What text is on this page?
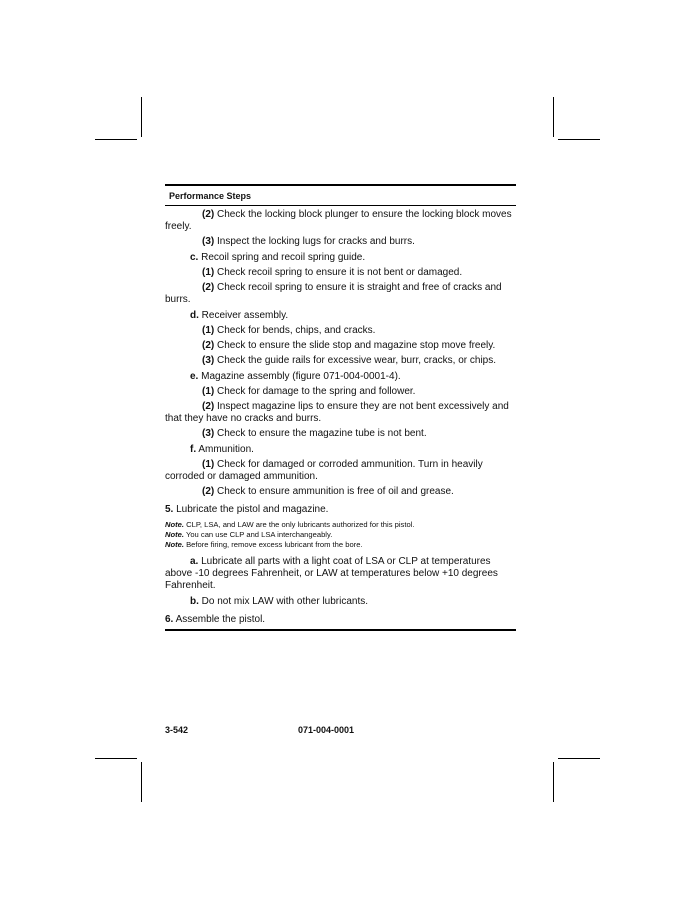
Performance Steps

(2) Check the locking block plunger to ensure the locking block moves freely.

(3) Inspect the locking lugs for cracks and burrs.

c. Recoil spring and recoil spring guide.

(1) Check recoil spring to ensure it is not bent or damaged.

(2) Check recoil spring to ensure it is straight and free of cracks and burrs.

d. Receiver assembly.

(1) Check for bends, chips, and cracks.

(2) Check to ensure the slide stop and magazine stop move freely.

(3) Check the guide rails for excessive wear, burr, cracks, or chips.

e. Magazine assembly (figure 071-004-0001-4).

(1) Check for damage to the spring and follower.

(2) Inspect magazine lips to ensure they are not bent excessively and that they have no cracks and burrs.

(3) Check to ensure the magazine tube is not bent.

f. Ammunition.

(1) Check for damaged or corroded ammunition. Turn in heavily corroded or damaged ammunition.

(2) Check to ensure ammunition is free of oil and grease.

5. Lubricate the pistol and magazine.

Note. CLP, LSA, and LAW are the only lubricants authorized for this pistol.

Note. You can use CLP and LSA interchangeably.

Note. Before firing, remove excess lubricant from the bore.

a. Lubricate all parts with a light coat of LSA or CLP at temperatures above -10 degrees Fahrenheit, or LAW at temperatures below +10 degrees Fahrenheit.

b. Do not mix LAW with other lubricants.

6. Assemble the pistol.

3-542	071-004-0001
